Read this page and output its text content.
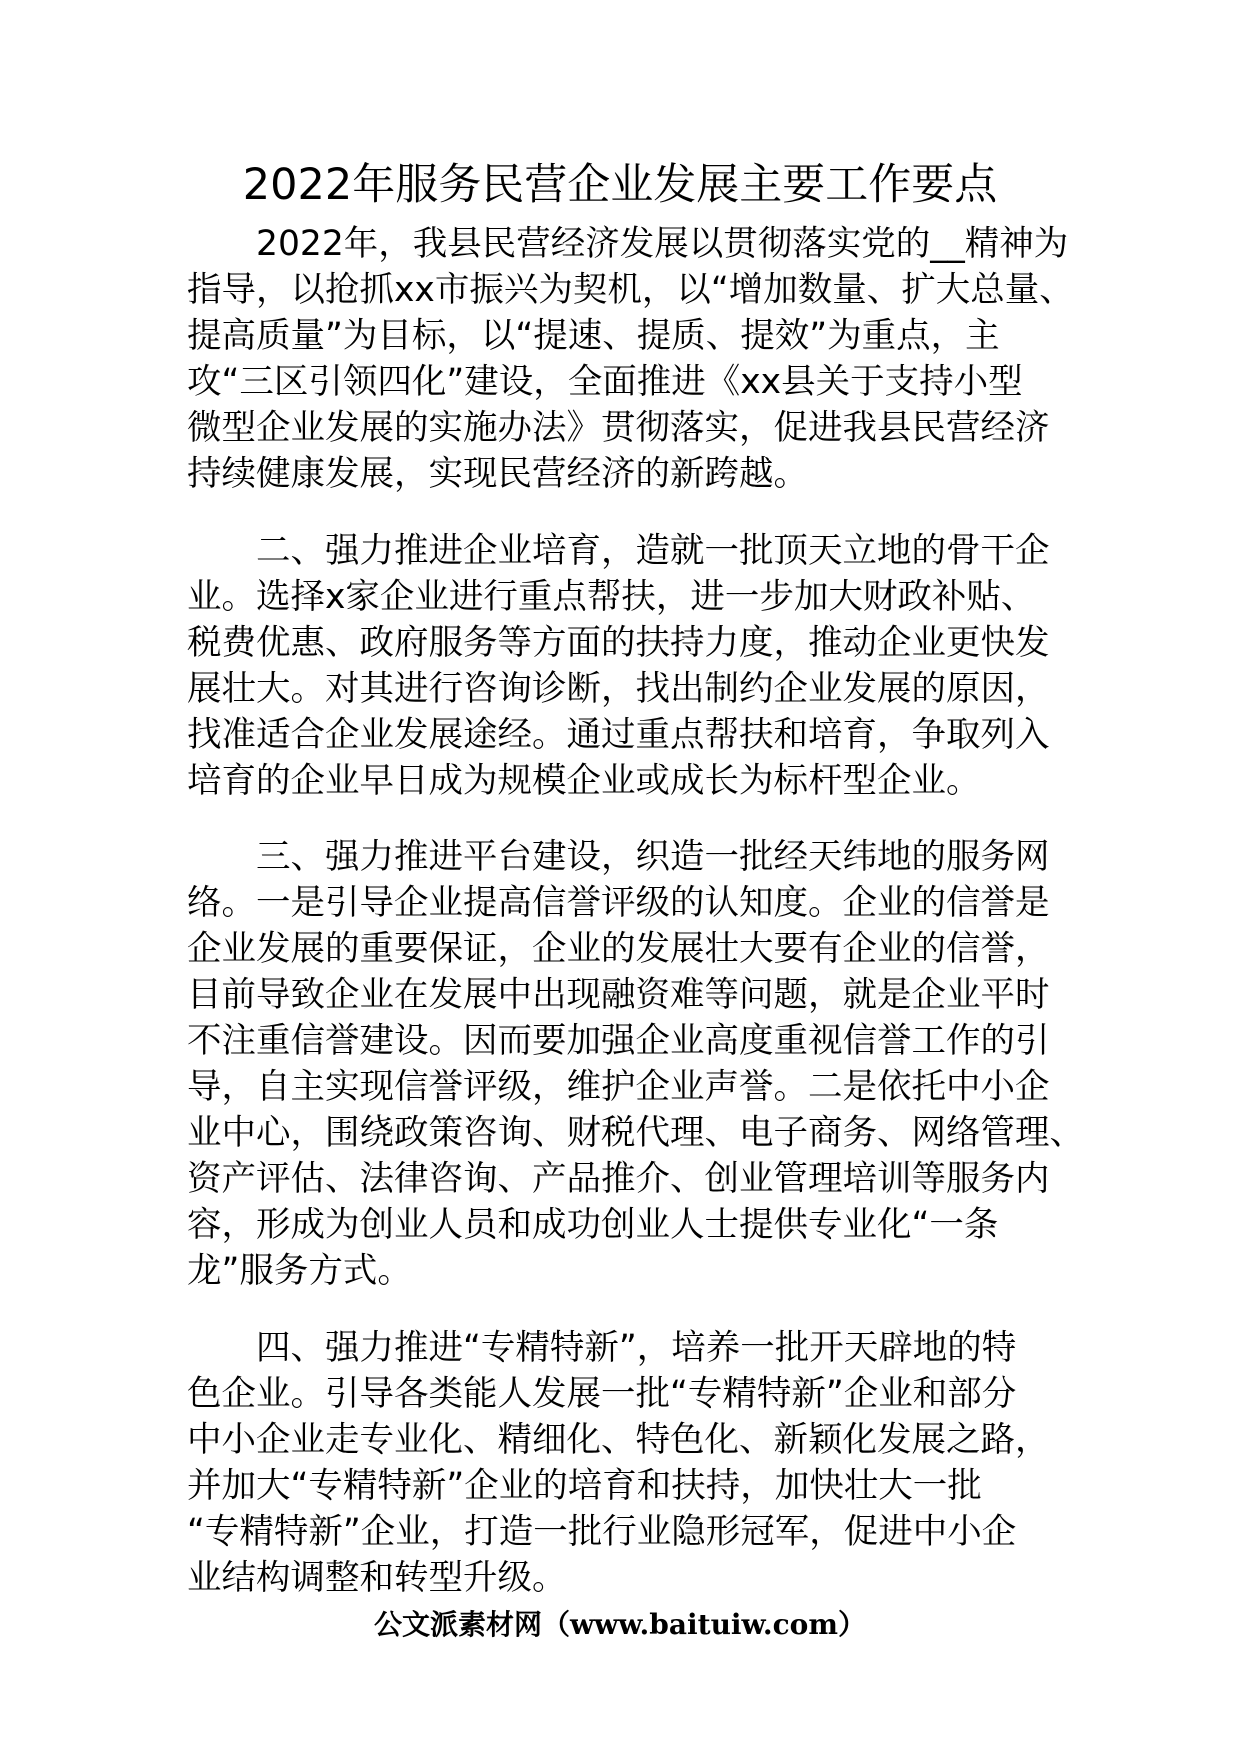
2022年服务民营企业发展主要工作要点
2022年，我县民营经济发展以贯彻落实党的__精神为
指导，以抢抓xx市振兴为契机，以“增加数量、扩大总量、
提高质量”为目标，以“提速、提质、提效”为重点，主
攻“三区引领四化”建设，全面推进《xx县关于支持小型
微型企业发展的实施办法》贯彻落实，促进我县民营经济
持续健康发展，实现民营经济的新跨越。
二、强力推进企业培育，造就一批顶天立地的骨干企
业。选择x家企业进行重点帮扶，进一步加大财政补贴、
税费优惠、政府服务等方面的扶持力度，推动企业更快发
展壮大。对其进行咨询诊断，找出制约企业发展的原因，
找准适合企业发展途经。通过重点帮扶和培育，争取列入
培育的企业早日成为规模企业或成长为标杆型企业。
三、强力推进平台建设，织造一批经天纬地的服务网
络。一是引导企业提高信誉评级的认知度。企业的信誉是
企业发展的重要保证，企业的发展壮大要有企业的信誉，
目前导致企业在发展中出现融资难等问题，就是企业平时
不注重信誉建设。因而要加强企业高度重视信誉工作的引
导，自主实现信誉评级，维护企业声誉。二是依托中小企
业中心，围绕政策咨询、财税代理、电子商务、网络管理、
资产评估、法律咨询、产品推介、创业管理培训等服务内
容，形成为创业人员和成功创业人士提供专业化“一条
龙”服务方式。
四、强力推进“专精特新”，培养一批开天辟地的特
色企业。引导各类能人发展一批“专精特新”企业和部分
中小企业走专业化、精细化、特色化、新颖化发展之路，
并加大“专精特新”企业的培育和扶持，加快壮大一批
“专精特新”企业，打造一批行业隐形冠军，促进中小企
业结构调整和转型升级。
公文派素材网（www.baituiw.com）
